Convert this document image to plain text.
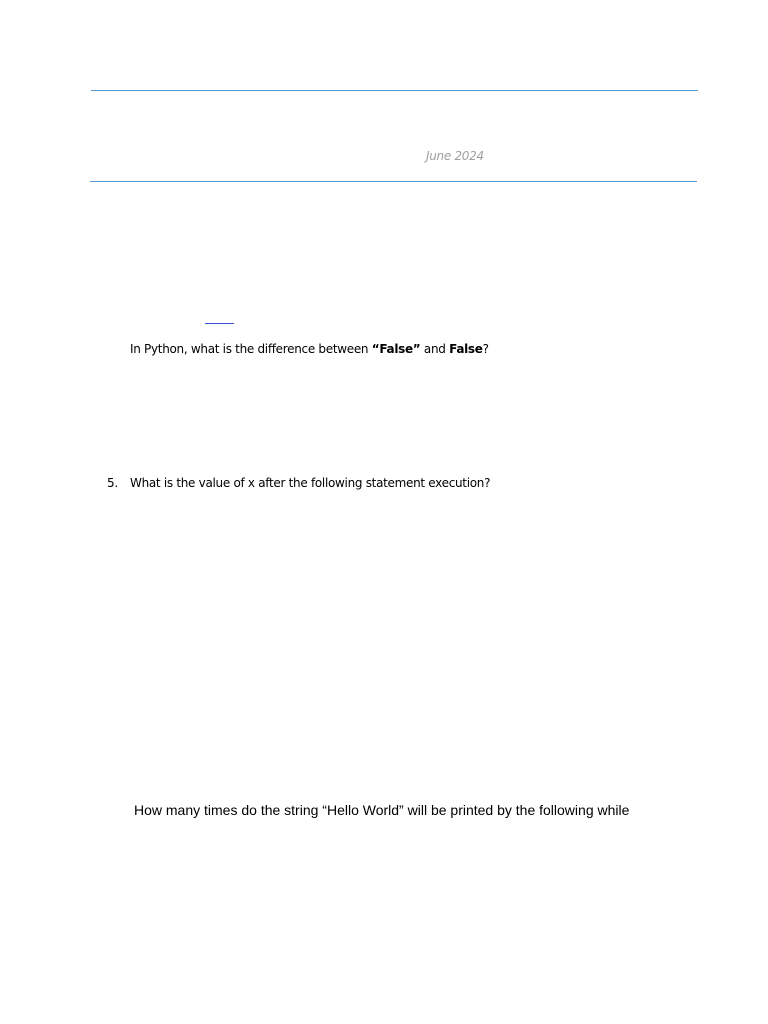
June 2024
In Python, what is the difference between “False” and False?
5. What is the value of x after the following statement execution?
How many times do the string “Hello World” will be printed by the following while
